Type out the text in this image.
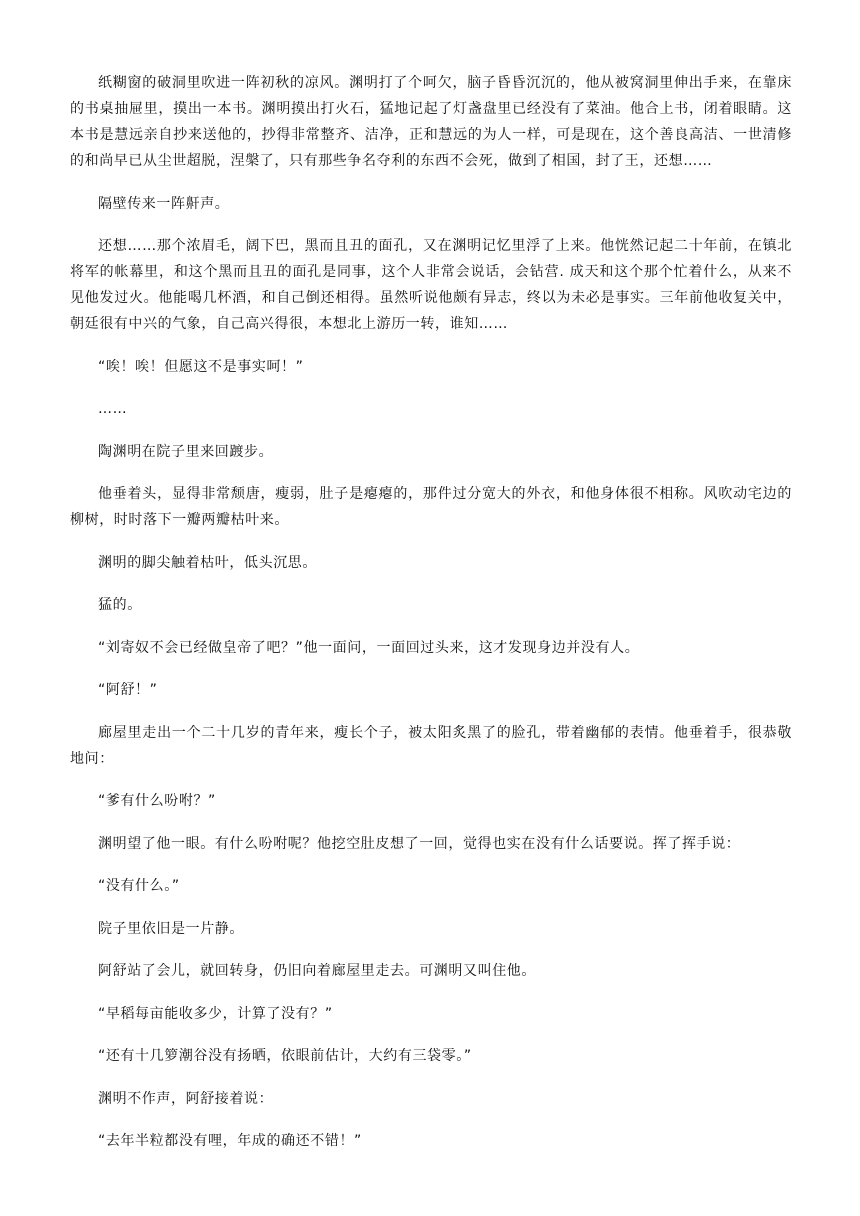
纸糊窗的破洞里吹进一阵初秋的凉风。渊明打了个呵欠，脑子昏昏沉沉的，他从被窝洞里伸出手来，在靠床的书桌抽屉里，摸出一本书。渊明摸出打火石，猛地记起了灯盏盘里已经没有了菜油。他合上书，闭着眼睛。这本书是慧远亲自抄来送他的，抄得非常整齐、洁净，正和慧远的为人一样，可是现在，这个善良高洁、一世清修的和尚早已从尘世超脱，涅槃了，只有那些争名夺利的东西不会死，做到了相国，封了王，还想……

隔壁传来一阵鼾声。

还想……那个浓眉毛，阔下巴，黑而且丑的面孔，又在渊明记忆里浮了上来。他恍然记起二十年前，在镇北将军的帐幕里，和这个黑而且丑的面孔是同事，这个人非常会说话，会钻营. 成天和这个那个忙着什么，从来不见他发过火。他能喝几杯酒，和自己倒还相得。虽然听说他颇有异志，终以为未必是事实。三年前他收复关中，朝廷很有中兴的气象，自己高兴得很，本想北上游历一转，谁知……

“唉！唉！但愿这不是事实呵！”

……

陶渊明在院子里来回踱步。

他垂着头，显得非常颓唐，瘦弱，肚子是瘪瘪的，那件过分宽大的外衣，和他身体很不相称。风吹动宅边的柳树，时时落下一瓣两瓣枯叶来。

渊明的脚尖触着枯叶，低头沉思。

猛的。

“刘寄奴不会已经做皇帝了吧？”他一面问，一面回过头来，这才发现身边并没有人。

“阿舒！”

廊屋里走出一个二十几岁的青年来，瘦长个子，被太阳炙黑了的脸孔，带着幽郁的表情。他垂着手，很恭敬地问：

“爹有什么吩咐？”

渊明望了他一眼。有什么吩咐呢？他挖空肚皮想了一回，觉得也实在没有什么话要说。挥了挥手说：

“没有什么。”

院子里依旧是一片静。

阿舒站了会儿，就回转身，仍旧向着廊屋里走去。可渊明又叫住他。

“早稻每亩能收多少，计算了没有？”

“还有十几箩潮谷没有扬晒，依眼前估计，大约有三袋零。”

渊明不作声，阿舒接着说：

“去年半粒都没有哩，年成的确还不错！”
